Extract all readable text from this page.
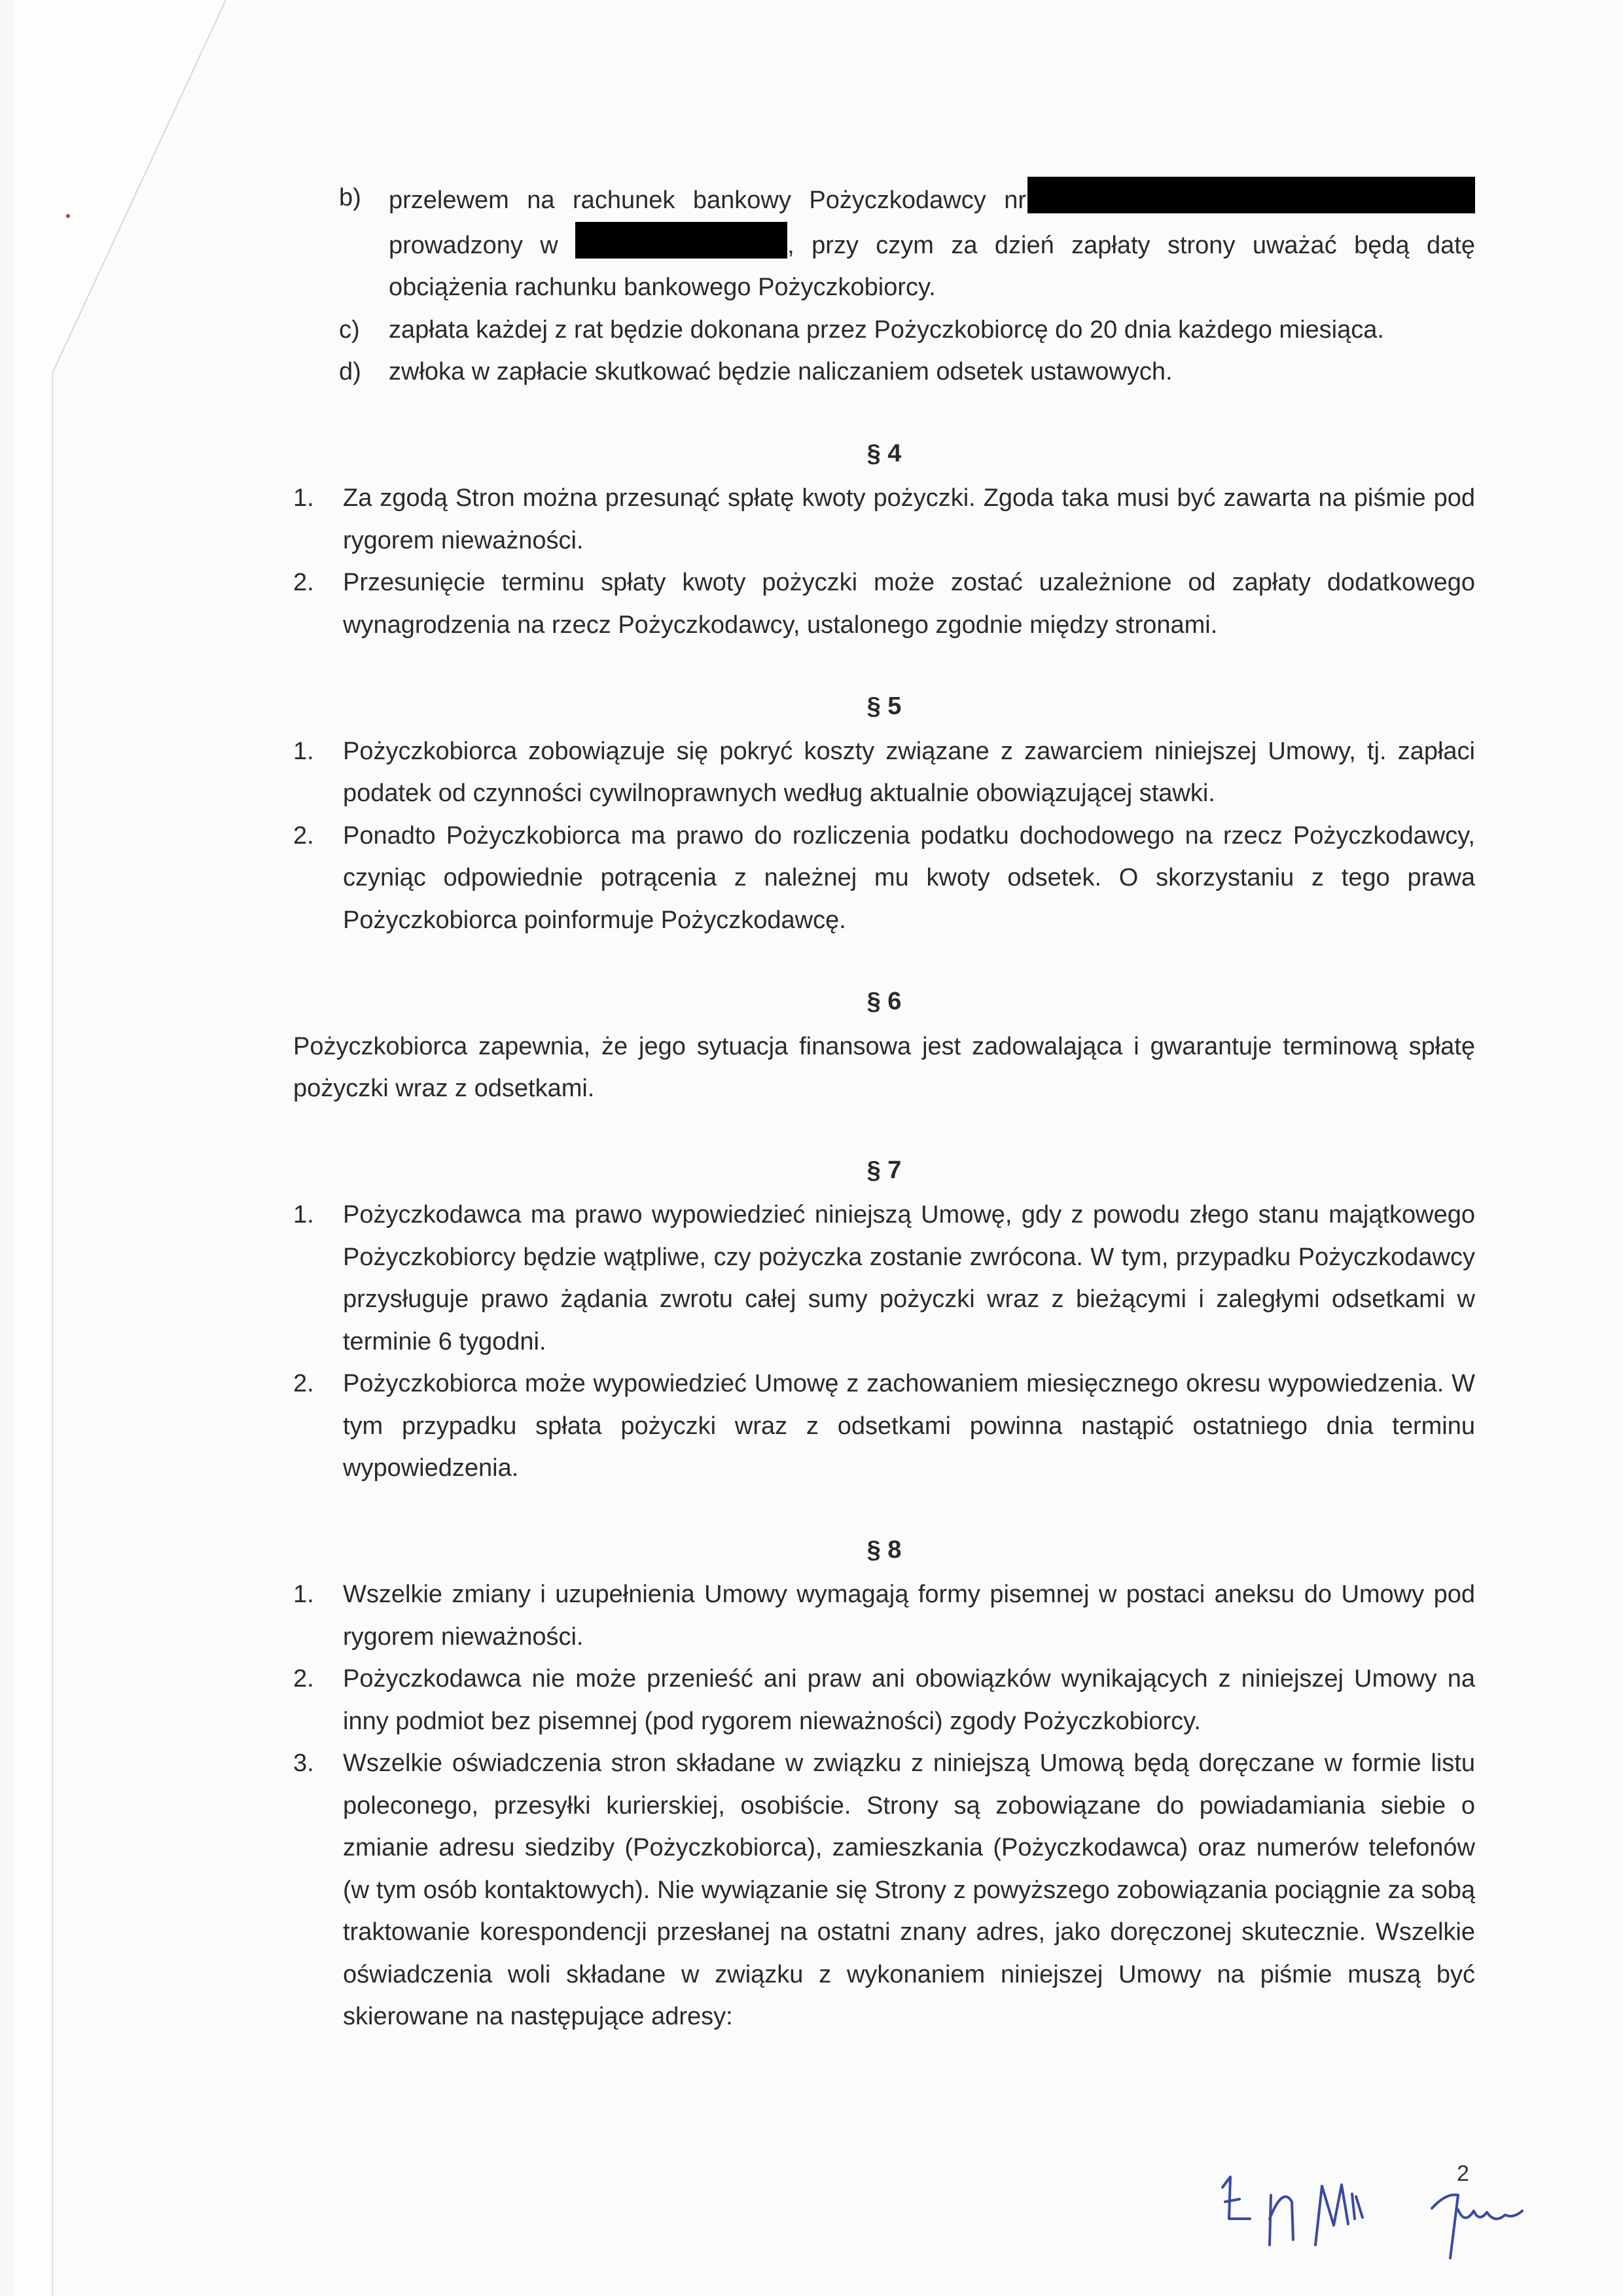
b)	przelewem na rachunek bankowy Pożyczkodawcy nr prowadzony w	, przy czym za dzień zapłaty strony uważać będą datę obciążenia rachunku bankowego Pożyczkobiorcy.
c)	zapłata każdej z rat będzie dokonana przez Pożyczkobiorcę do 20 dnia każdego miesiąca.
d)	zwłoka w zapłacie skutkować będzie naliczaniem odsetek ustawowych.
§ 4
1.	Za zgodą Stron można przesunąć spłatę kwoty pożyczki. Zgoda taka musi być zawarta na piśmie pod rygorem nieważności.
2.	Przesunięcie terminu spłaty kwoty pożyczki może zostać uzależnione od zapłaty dodatkowego wynagrodzenia na rzecz Pożyczkodawcy, ustalonego zgodnie między stronami.
§ 5
1.	Pożyczkobiorca zobowiązuje się pokryć koszty związane z zawarciem niniejszej Umowy, tj. zapłaci podatek od czynności cywilnoprawnych według aktualnie obowiązującej stawki.
2.	Ponadto Pożyczkobiorca ma prawo do rozliczenia podatku dochodowego na rzecz Pożyczkodawcy, czyniąc odpowiednie potrącenia z należnej mu kwoty odsetek. O skorzystaniu z tego prawa Pożyczkobiorca poinformuje Pożyczkodawcę.
§ 6
Pożyczkobiorca zapewnia, że jego sytuacja finansowa jest zadowalająca i gwarantuje terminową spłatę pożyczki wraz z odsetkami.
§ 7
1.	Pożyczkodawca ma prawo wypowiedzieć niniejszą Umowę, gdy z powodu złego stanu majątkowego Pożyczkobiorcy będzie wątpliwe, czy pożyczka zostanie zwrócona. W tym, przypadku Pożyczkodawcy przysługuje prawo żądania zwrotu całej sumy pożyczki wraz z bieżącymi i zaległymi odsetkami w terminie 6 tygodni.
2.	Pożyczkobiorca może wypowiedzieć Umowę z zachowaniem miesięcznego okresu wypowiedzenia. W tym przypadku spłata pożyczki wraz z odsetkami powinna nastąpić ostatniego dnia terminu wypowiedzenia.
§ 8
1.	Wszelkie zmiany i uzupełnienia Umowy wymagają formy pisemnej w postaci aneksu do Umowy pod rygorem nieważności.
2.	Pożyczkodawca nie może przenieść ani praw ani obowiązków wynikających z niniejszej Umowy na inny podmiot bez pisemnej (pod rygorem nieważności) zgody Pożyczkobiorcy.
3.	Wszelkie oświadczenia stron składane w związku z niniejszą Umową będą doręczane w formie listu poleconego, przesyłki kurierskiej, osobiście. Strony są zobowiązane do powiadamiania siebie o zmianie adresu siedziby (Pożyczkobiorca), zamieszkania (Pożyczkodawca) oraz numerów telefonów (w tym osób kontaktowych). Nie wywiązanie się Strony z powyższego zobowiązania pociągnie za sobą traktowanie korespondencji przesłanej na ostatni znany adres, jako doręczonej skutecznie. Wszelkie oświadczenia woli składane w związku z wykonaniem niniejszej Umowy na piśmie muszą być skierowane na następujące adresy:
2
